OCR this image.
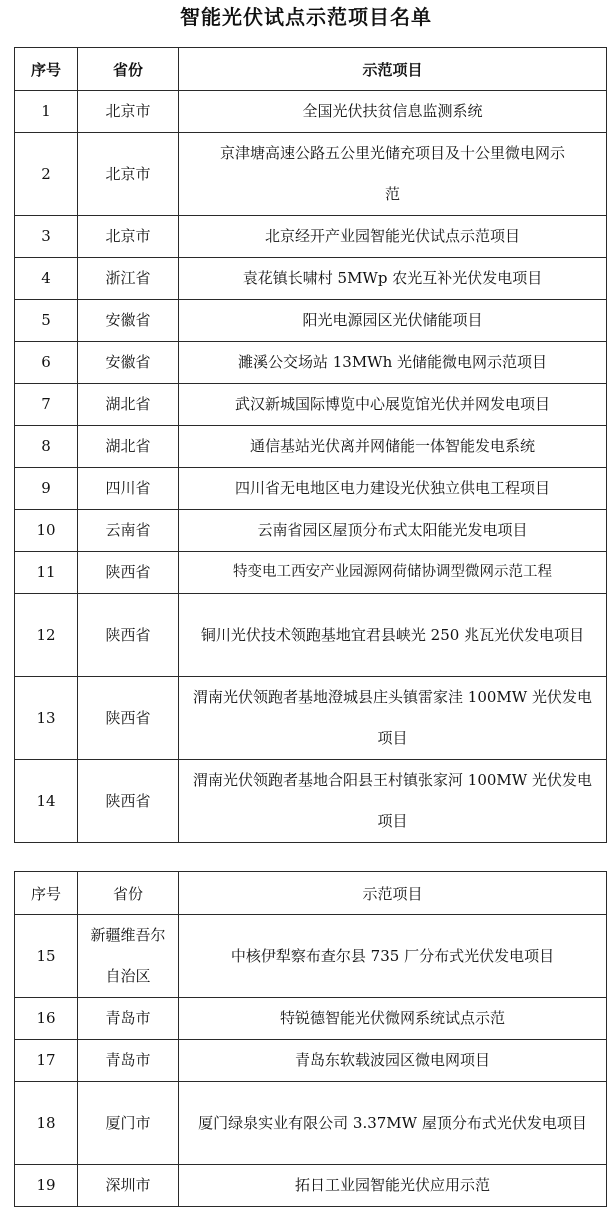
智能光伏试点示范项目名单
序号	省份	示范项目
1	北京市	全国光伏扶贫信息监测系统
2	北京市	京津塘高速公路五公里光储充项目及十公里微电网示范
3	北京市	北京经开产业园智能光伏试点示范项目
4	浙江省	袁花镇长啸村 5MWp 农光互补光伏发电项目
5	安徽省	阳光电源园区光伏储能项目
6	安徽省	濉溪公交场站 13MWh 光储能微电网示范项目
7	湖北省	武汉新城国际博览中心展览馆光伏并网发电项目
8	湖北省	通信基站光伏离并网储能一体智能发电系统
9	四川省	四川省无电地区电力建设光伏独立供电工程项目
10	云南省	云南省园区屋顶分布式太阳能光发电项目
11	陕西省	特变电工西安产业园源网荷储协调型微网示范工程
12	陕西省	铜川光伏技术领跑基地宜君县峡光 250 兆瓦光伏发电项目
13	陕西省	渭南光伏领跑者基地澄城县庄头镇雷家洼 100MW 光伏发电项目
14	陕西省	渭南光伏领跑者基地合阳县王村镇张家河 100MW 光伏发电项目
序号	省份	示范项目
15	新疆维吾尔自治区	中核伊犁察布查尔县 735 厂分布式光伏发电项目
16	青岛市	特锐德智能光伏微网系统试点示范
17	青岛市	青岛东软载波园区微电网项目
18	厦门市	厦门绿泉实业有限公司 3.37MW 屋顶分布式光伏发电项目
19	深圳市	拓日工业园智能光伏应用示范
